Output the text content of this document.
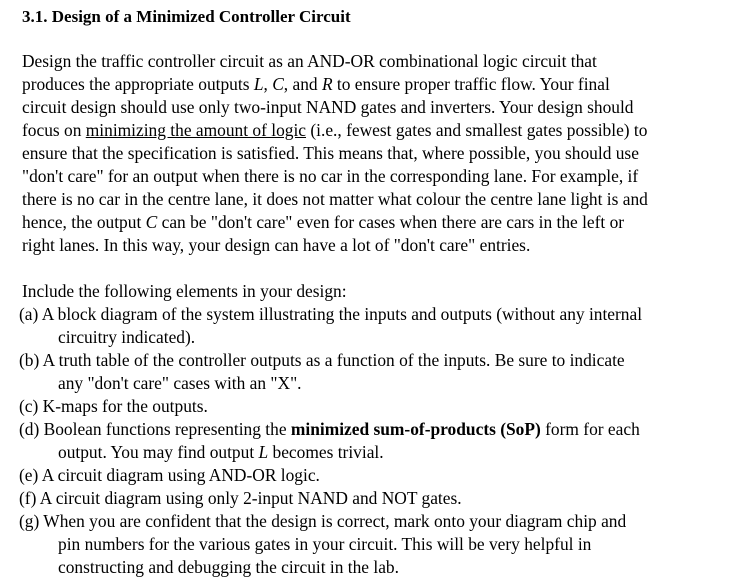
3.1. Design of a Minimized Controller Circuit
Design the traffic controller circuit as an AND-OR combinational logic circuit that
produces the appropriate outputs L, C, and R to ensure proper traffic flow. Your final
circuit design should use only two-input NAND gates and inverters. Your design should
focus on minimizing the amount of logic (i.e., fewest gates and smallest gates possible) to
ensure that the specification is satisfied. This means that, where possible, you should use
"don't care" for an output when there is no car in the corresponding lane. For example, if
there is no car in the centre lane, it does not matter what colour the centre lane light is and
hence, the output C can be "don't care" even for cases when there are cars in the left or
right lanes. In this way, your design can have a lot of "don't care" entries.
Include the following elements in your design:
(a) A block diagram of the system illustrating the inputs and outputs (without any internal
circuitry indicated).
(b) A truth table of the controller outputs as a function of the inputs. Be sure to indicate
any "don't care" cases with an "X".
(c) K-maps for the outputs.
(d) Boolean functions representing the minimized sum-of-products (SoP) form for each
output. You may find output L becomes trivial.
(e) A circuit diagram using AND-OR logic.
(f) A circuit diagram using only 2-input NAND and NOT gates.
(g) When you are confident that the design is correct, mark onto your diagram chip and
pin numbers for the various gates in your circuit. This will be very helpful in
constructing and debugging the circuit in the lab.
